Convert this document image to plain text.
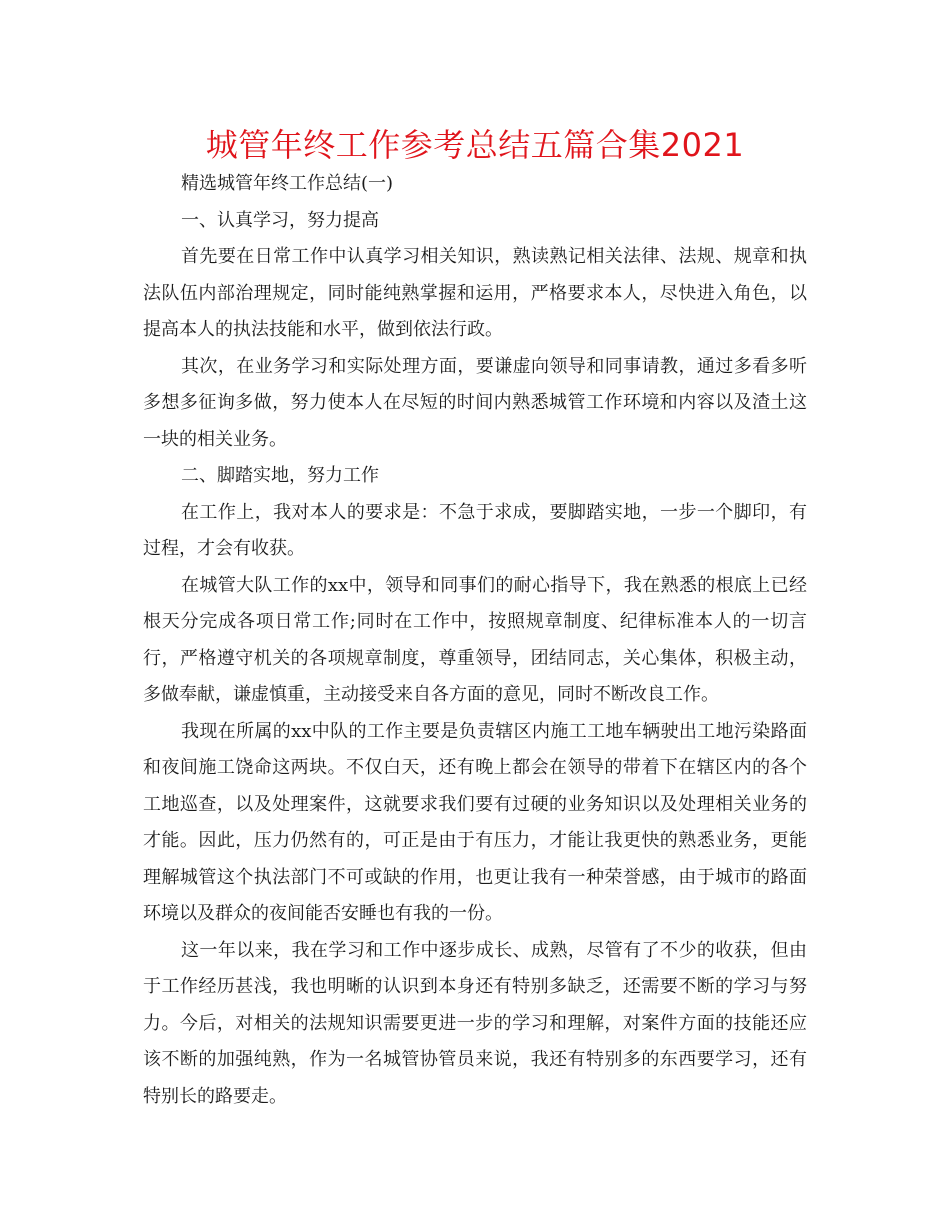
城管年终工作参考总结五篇合集2021

精选城管年终工作总结(一)

一、认真学习，努力提高

首先要在日常工作中认真学习相关知识，熟读熟记相关法律、法规、规章和执法队伍内部治理规定，同时能纯熟掌握和运用，严格要求本人，尽快进入角色，以提高本人的执法技能和水平，做到依法行政。

其次，在业务学习和实际处理方面，要谦虚向领导和同事请教，通过多看多听多想多征询多做，努力使本人在尽短的时间内熟悉城管工作环境和内容以及渣土这一块的相关业务。

二、脚踏实地，努力工作

在工作上，我对本人的要求是：不急于求成，要脚踏实地，一步一个脚印，有过程，才会有收获。

在城管大队工作的xx中，领导和同事们的耐心指导下，我在熟悉的根底上已经根天分完成各项日常工作;同时在工作中，按照规章制度、纪律标准本人的一切言行，严格遵守机关的各项规章制度，尊重领导，团结同志，关心集体，积极主动，多做奉献，谦虚慎重，主动接受来自各方面的意见，同时不断改良工作。

我现在所属的xx中队的工作主要是负责辖区内施工工地车辆驶出工地污染路面和夜间施工饶命这两块。不仅白天，还有晚上都会在领导的带着下在辖区内的各个工地巡查，以及处理案件，这就要求我们要有过硬的业务知识以及处理相关业务的才能。因此，压力仍然有的，可正是由于有压力，才能让我更快的熟悉业务，更能理解城管这个执法部门不可或缺的作用，也更让我有一种荣誉感，由于城市的路面环境以及群众的夜间能否安睡也有我的一份。

这一年以来，我在学习和工作中逐步成长、成熟，尽管有了不少的收获，但由于工作经历甚浅，我也明晰的认识到本身还有特别多缺乏，还需要不断的学习与努力。今后，对相关的法规知识需要更进一步的学习和理解，对案件方面的技能还应该不断的加强纯熟，作为一名城管协管员来说，我还有特别多的东西要学习，还有特别长的路要走。
